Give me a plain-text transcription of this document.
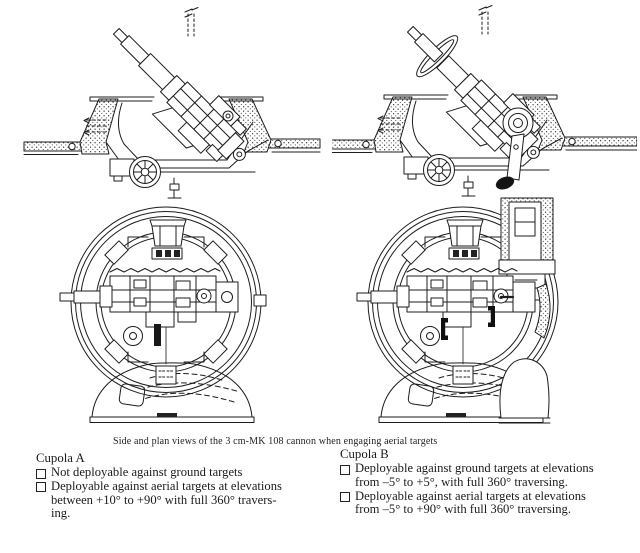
Side and plan views of the 3 cm-MK 108 cannon when engaging aerial targets
Cupola A
Not deployable against ground targets
Deployable against aerial targets at elevations
between +10° to +90° with full 360° travers-
ing.
Cupola B
Deployable against ground targets at elevations
from –5° to +5°, with full 360° traversing.
Deployable against aerial targets at elevations
from –5° to +90° with full 360° traversing.
